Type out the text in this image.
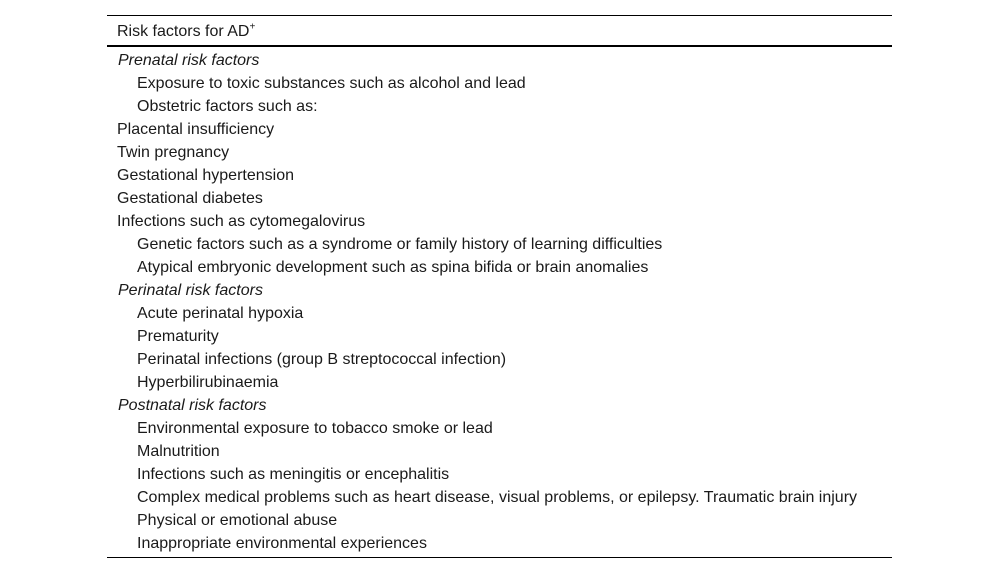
Risk factors for AD+
Prenatal risk factors
Exposure to toxic substances such as alcohol and lead
Obstetric factors such as:
Placental insufficiency
Twin pregnancy
Gestational hypertension
Gestational diabetes
Infections such as cytomegalovirus
Genetic factors such as a syndrome or family history of learning difficulties
Atypical embryonic development such as spina bifida or brain anomalies
Perinatal risk factors
Acute perinatal hypoxia
Prematurity
Perinatal infections (group B streptococcal infection)
Hyperbilirubinaemia
Postnatal risk factors
Environmental exposure to tobacco smoke or lead
Malnutrition
Infections such as meningitis or encephalitis
Complex medical problems such as heart disease, visual problems, or epilepsy. Traumatic brain injury
Physical or emotional abuse
Inappropriate environmental experiences
